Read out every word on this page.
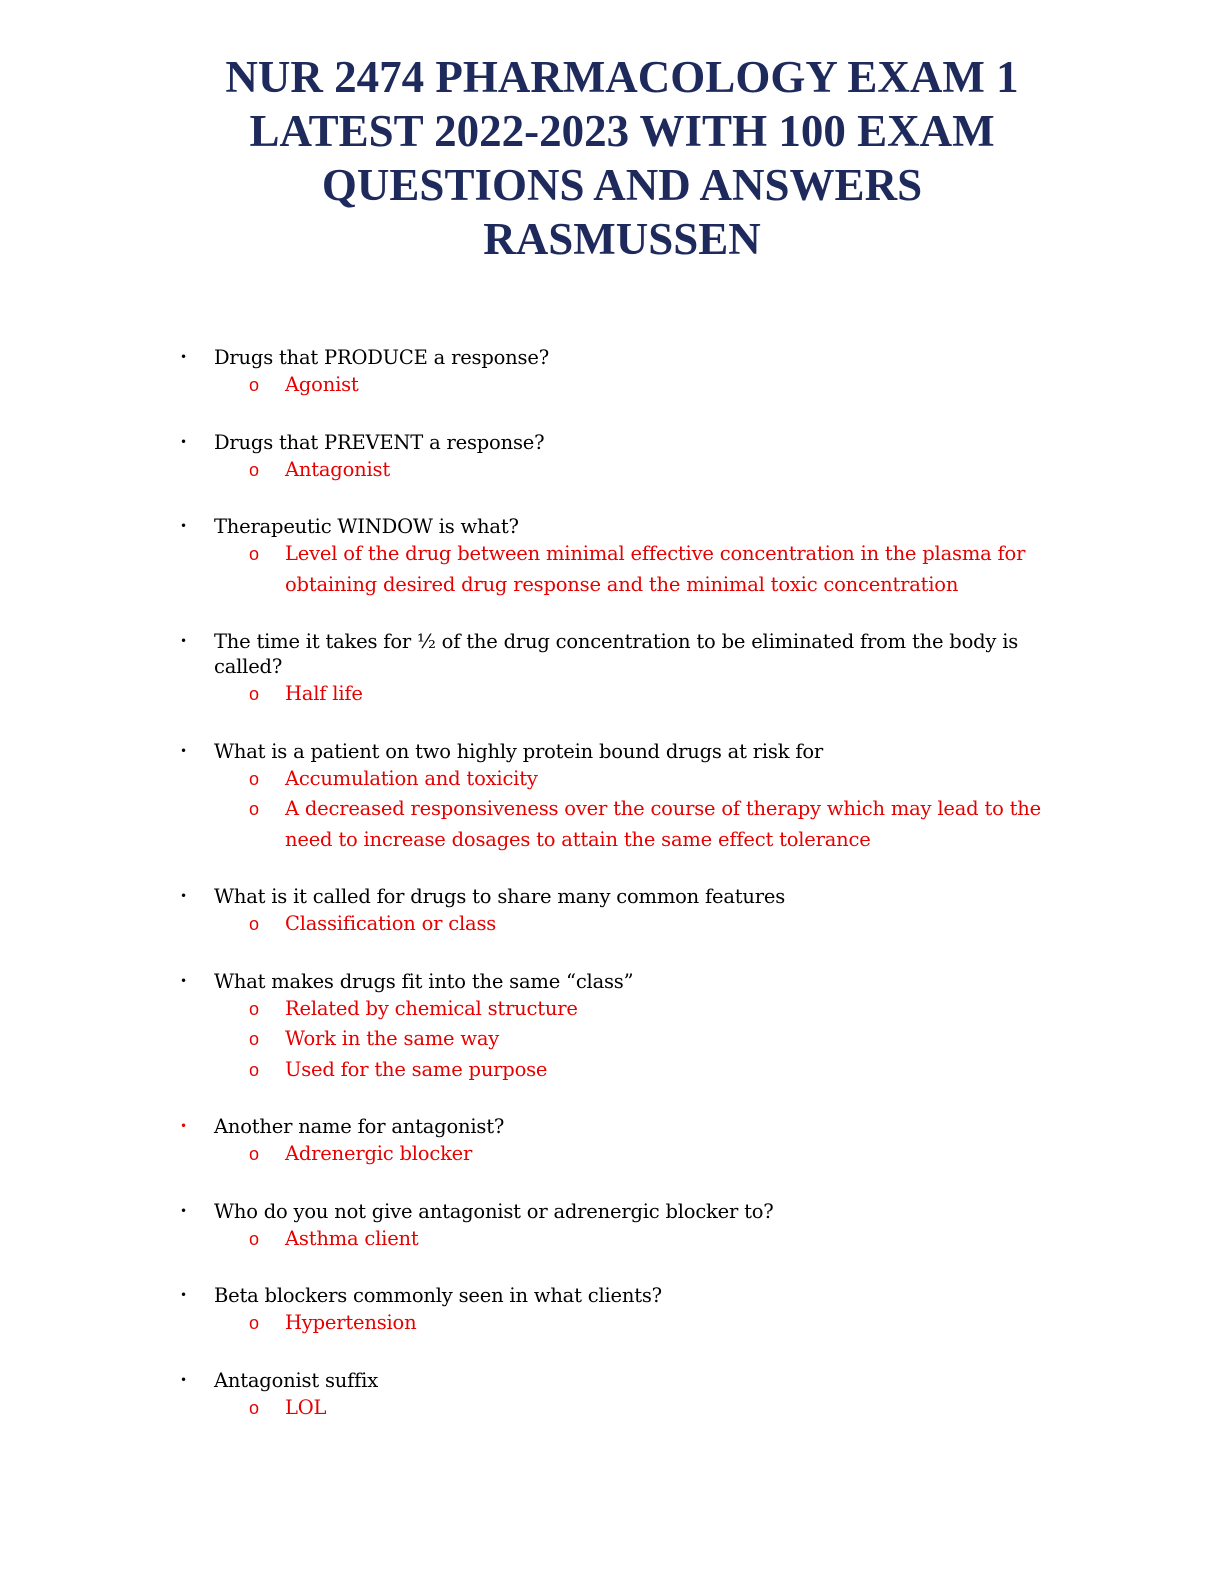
NUR 2474 PHARMACOLOGY EXAM 1
LATEST 2022-2023 WITH 100 EXAM
QUESTIONS AND ANSWERS
RASMUSSEN
• Drugs that PRODUCE a response?
o Agonist
• Drugs that PREVENT a response?
o Antagonist
• Therapeutic WINDOW is what?
o Level of the drug between minimal effective concentration in the plasma for obtaining desired drug response and the minimal toxic concentration
• The time it takes for ½ of the drug concentration to be eliminated from the body is called?
o Half life
• What is a patient on two highly protein bound drugs at risk for
o Accumulation and toxicity
o A decreased responsiveness over the course of therapy which may lead to the need to increase dosages to attain the same effect tolerance
• What is it called for drugs to share many common features
o Classification or class
• What makes drugs fit into the same “class”
o Related by chemical structure
o Work in the same way
o Used for the same purpose
• Another name for antagonist?
o Adrenergic blocker
• Who do you not give antagonist or adrenergic blocker to?
o Asthma client
• Beta blockers commonly seen in what clients?
o Hypertension
• Antagonist suffix
o LOL
